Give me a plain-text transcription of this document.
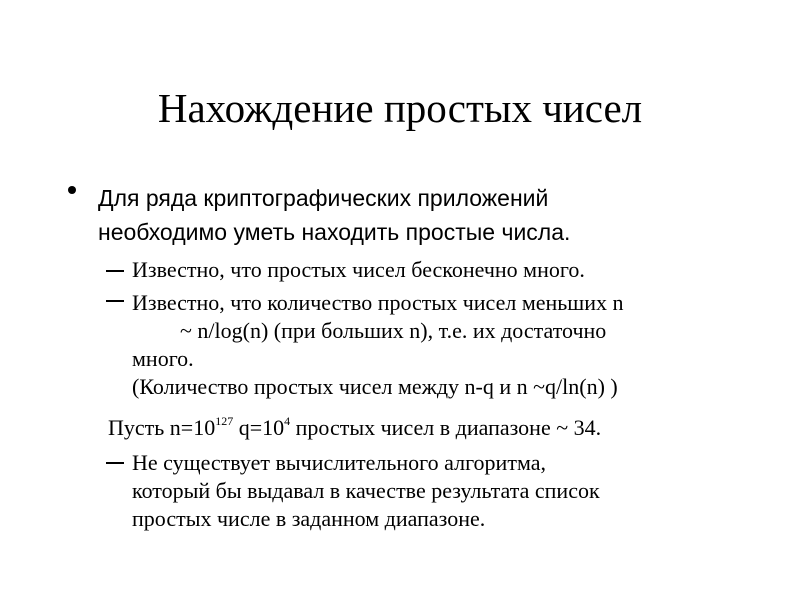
Нахождение простых чисел
Для ряда криптографических приложений
необходимо уметь находить простые числа.
Известно, что простых чисел бесконечно много.
Известно, что количество простых чисел меньших n
~ n/log(n) (при больших n), т.е. их достаточно
много.
(Количество простых чисел между n-q и n ~q/ln(n) )
Пусть $n=10^{127}$ $q=10^4$ простых чисел в диапазоне ~ 34.
Не существует вычислительного алгоритма,
который бы выдавал в качестве результата список
простых числе в заданном диапазоне.
